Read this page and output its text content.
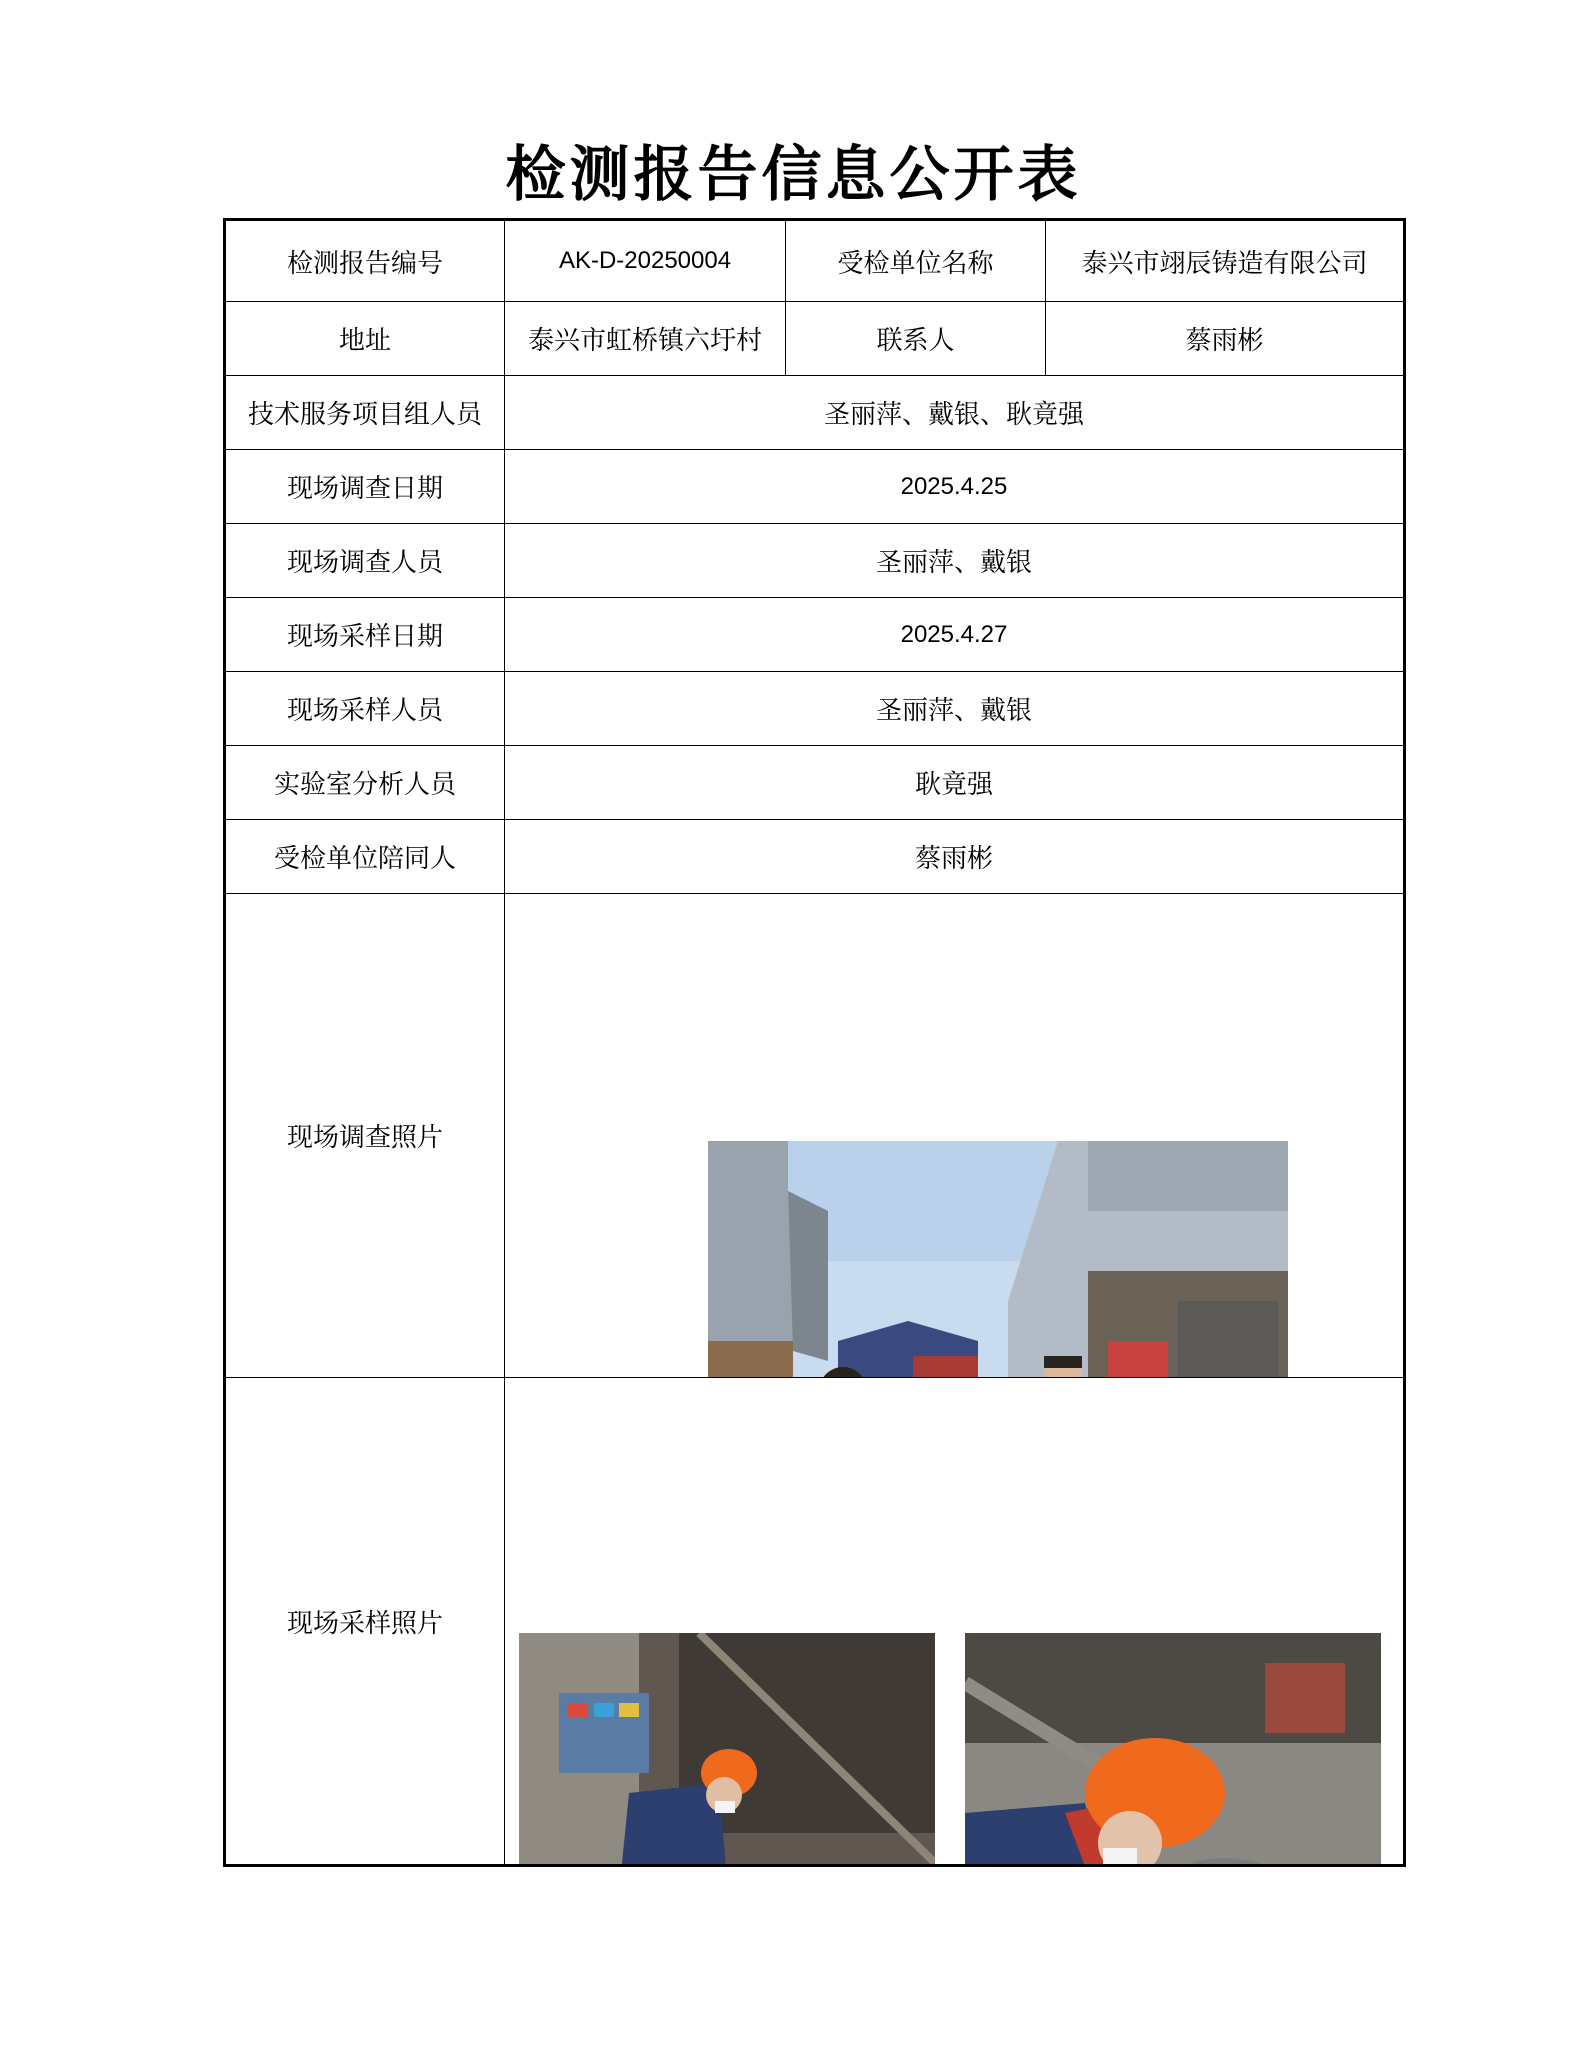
检测报告信息公开表
检测报告编号	AK-D-20250004	受检单位名称	泰兴市翊辰铸造有限公司
地址	泰兴市虹桥镇六圩村	联系人	蔡雨彬
技术服务项目组人员	圣丽萍、戴银、耿竟强		
现场调查日期	2025.4.25		
现场调查人员	圣丽萍、戴银		
现场采样日期	2025.4.27		
现场采样人员	圣丽萍、戴银		
实验室分析人员	耿竟强		
受检单位陪同人	蔡雨彬		
现场调查照片	

现场采样照片	
